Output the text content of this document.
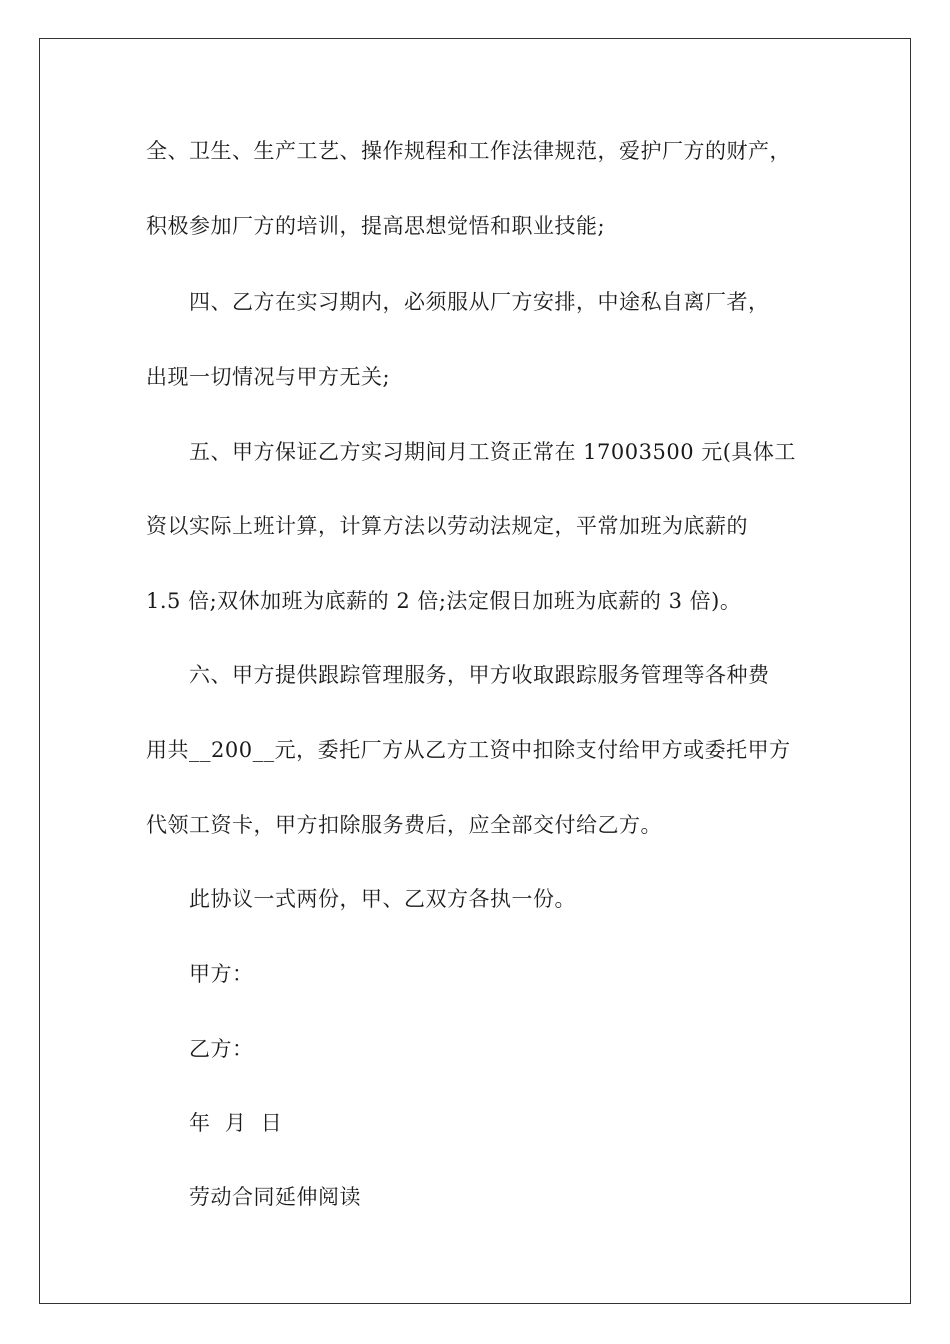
全、卫生、生产工艺、操作规程和工作法律规范，爱护厂方的财产，
积极参加厂方的培训，提高思想觉悟和职业技能;
四、乙方在实习期内，必须服从厂方安排，中途私自离厂者，
出现一切情况与甲方无关;
五、甲方保证乙方实习期间月工资正常在 17003500 元(具体工
资以实际上班计算，计算方法以劳动法规定，平常加班为底薪的
1.5 倍;双休加班为底薪的 2 倍;法定假日加班为底薪的 3 倍)。
六、甲方提供跟踪管理服务，甲方收取跟踪服务管理等各种费
用共__200__元，委托厂方从乙方工资中扣除支付给甲方或委托甲方
代领工资卡，甲方扣除服务费后，应全部交付给乙方。
此协议一式两份，甲、乙双方各执一份。
甲方：
乙方：
年  月  日
劳动合同延伸阅读
